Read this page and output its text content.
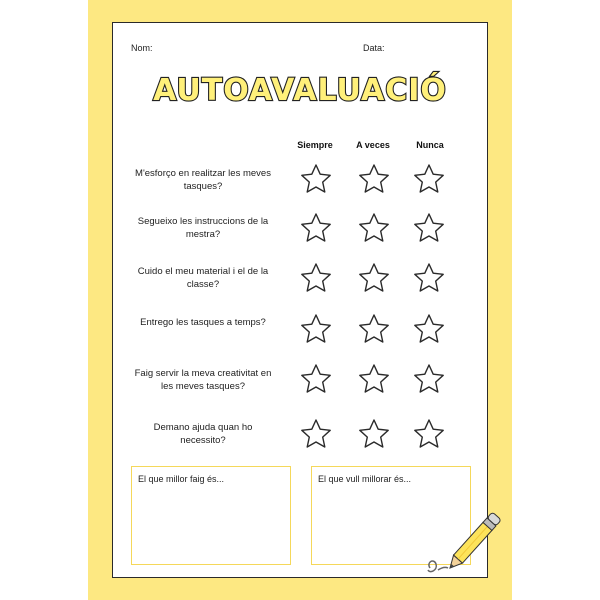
Nom:	Data:
AUTOAVALUACIÓ
Siempre	A veces	Nunca
M'esforço en realitzar les meves tasques?
Segueixo les instruccions de la mestra?
Cuido el meu material i el de la classe?
Entrego les tasques a temps?
Faig servir la meva creativitat en les meves tasques?
Demano ajuda quan ho necessito?
El que millor faig és...	El que vull millorar és...
